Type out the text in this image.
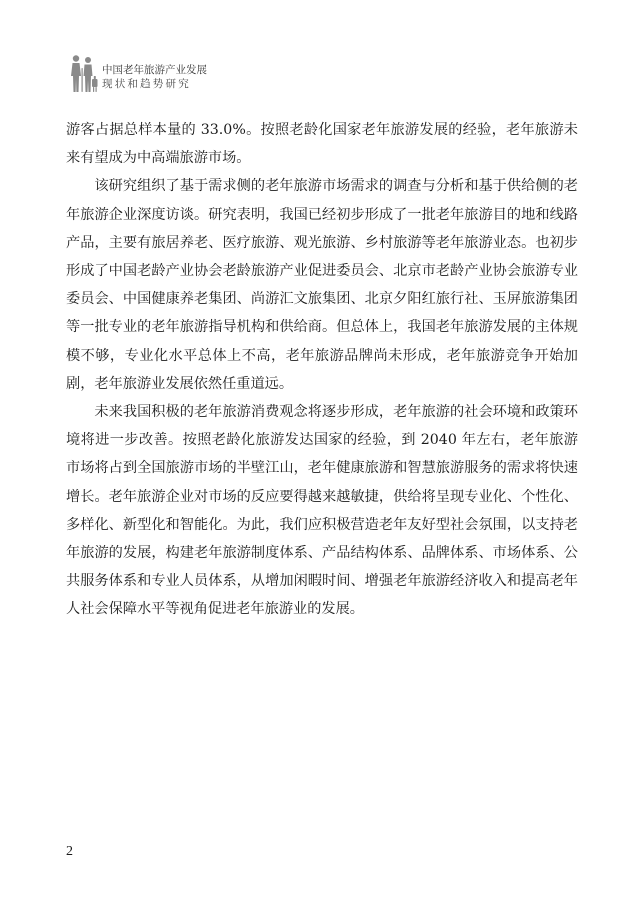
中国老年旅游产业发展
现状和趋势研究

游客占据总样本量的 33.0%。按照老龄化国家老年旅游发展的经验，老年旅游未来有望成为中高端旅游市场。

该研究组织了基于需求侧的老年旅游市场需求的调查与分析和基于供给侧的老年旅游企业深度访谈。研究表明，我国已经初步形成了一批老年旅游目的地和线路产品，主要有旅居养老、医疗旅游、观光旅游、乡村旅游等老年旅游业态。也初步形成了中国老龄产业协会老龄旅游产业促进委员会、北京市老龄产业协会旅游专业委员会、中国健康养老集团、尚游汇文旅集团、北京夕阳红旅行社、玉屏旅游集团等一批专业的老年旅游指导机构和供给商。但总体上，我国老年旅游发展的主体规模不够，专业化水平总体上不高，老年旅游品牌尚未形成，老年旅游竞争开始加剧，老年旅游业发展依然任重道远。

未来我国积极的老年旅游消费观念将逐步形成，老年旅游的社会环境和政策环境将进一步改善。按照老龄化旅游发达国家的经验，到 2040 年左右，老年旅游市场将占到全国旅游市场的半壁江山，老年健康旅游和智慧旅游服务的需求将快速增长。老年旅游企业对市场的反应要得越来越敏捷，供给将呈现专业化、个性化、多样化、新型化和智能化。为此，我们应积极营造老年友好型社会氛围，以支持老年旅游的发展，构建老年旅游制度体系、产品结构体系、品牌体系、市场体系、公共服务体系和专业人员体系，从增加闲暇时间、增强老年旅游经济收入和提高老年人社会保障水平等视角促进老年旅游业的发展。

2
